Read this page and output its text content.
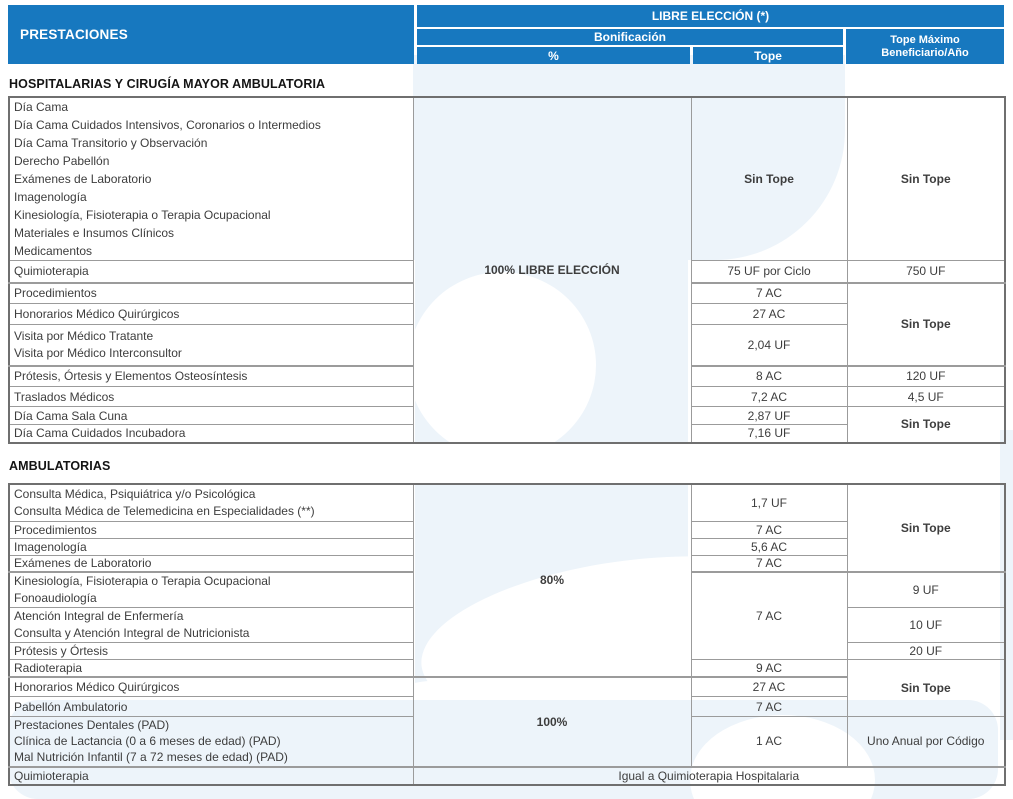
PRESTACIONES
LIBRE ELECCIÓN (*)
Bonificación
%	Tope
Tope Máximo
Beneficiario/Año
HOSPITALARIAS Y CIRUGÍA MAYOR AMBULATORIA
Día Cama
Día Cama Cuidados Intensivos, Coronarios o Intermedios
Día Cama Transitorio y Observación
Derecho Pabellón
Exámenes de Laboratorio
Imagenología
Kinesiología, Fisioterapia o Terapia Ocupacional
Materiales e Insumos Clínicos
Medicamentos
	100% LIBRE ELECCIÓN	Sin Tope	Sin Tope
Quimioterapia		75 UF por Ciclo	750 UF
Procedimientos		7 AC	Sin Tope
Honorarios Médico Quirúrgicos		27 AC	

Visita por Médico Tratante
Visita por Médico Interconsultor		2,04 UF	
Prótesis, Órtesis y Elementos Osteosíntesis		8 AC	120 UF
Traslados Médicos		7,2 AC	4,5 UF
Día Cama Sala Cuna		2,87 UF	Sin Tope
Día Cama Cuidados Incubadora		7,16 UF	
AMBULATORIAS
Consulta Médica, Psiquiátrica y/o Psicológica
Consulta Médica de Telemedicina en Especialidades (**)	80%	1,7 UF	Sin Tope
Procedimientos		7 AC	
Imagenología		5,6 AC	
Exámenes de Laboratorio		7 AC	

Kinesiología, Fisioterapia o Terapia Ocupacional
Fonoaudiología		7 AC	9 UF

Atención Integral de Enfermería
Consulta y Atención Integral de Nutricionista			10 UF
Prótesis y Órtesis			20 UF
Radioterapia		9 AC	Sin Tope
Honorarios Médico Quirúrgicos	100%	27 AC	
Pabellón Ambulatorio		7 AC	

Prestaciones Dentales (PAD)
Clínica de Lactancia (0 a 6 meses de edad) (PAD)
Mal Nutrición Infantil (7 a 72 meses de edad) (PAD)		1 AC	Uno Anual por Código
Quimioterapia	Igual a Quimioterapia Hospitalaria		
